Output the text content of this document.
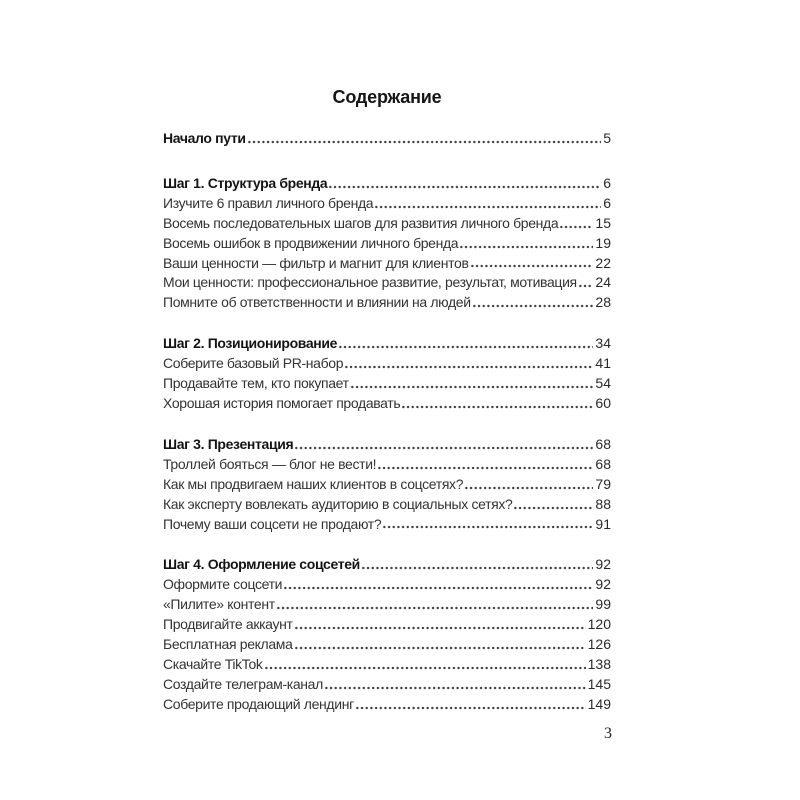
Содержание
Начало пути	5
Шаг 1. Структура бренда	6
Изучите 6 правил личного бренда	6
Восемь последовательных шагов для развития личного бренда	15
Восемь ошибок в продвижении личного бренда	19
Ваши ценности — фильтр и магнит для клиентов	22
Мои ценности: профессиональное развитие, результат, мотивация 24
Помните об ответственности и влиянии на людей	28
Шаг 2. Позиционирование	34
Соберите базовый PR-набор	41
Продавайте тем, кто покупает	54
Хорошая история помогает продавать	60
Шаг 3. Презентация	68
Троллей бояться — блог не вести!	68
Как мы продвигаем наших клиентов в соцсетях?	79
Как эксперту вовлекать аудиторию в социальных сетях?	88
Почему ваши соцсети не продают?	91
Шаг 4. Оформление соцсетей	92
Оформите соцсети	92
«Пилите» контент	99
Продвигайте аккаунт	120
Бесплатная реклама	126
Скачайте TikTok	138
Создайте телеграм-канал	145
Соберите продающий лендинг	149
3
